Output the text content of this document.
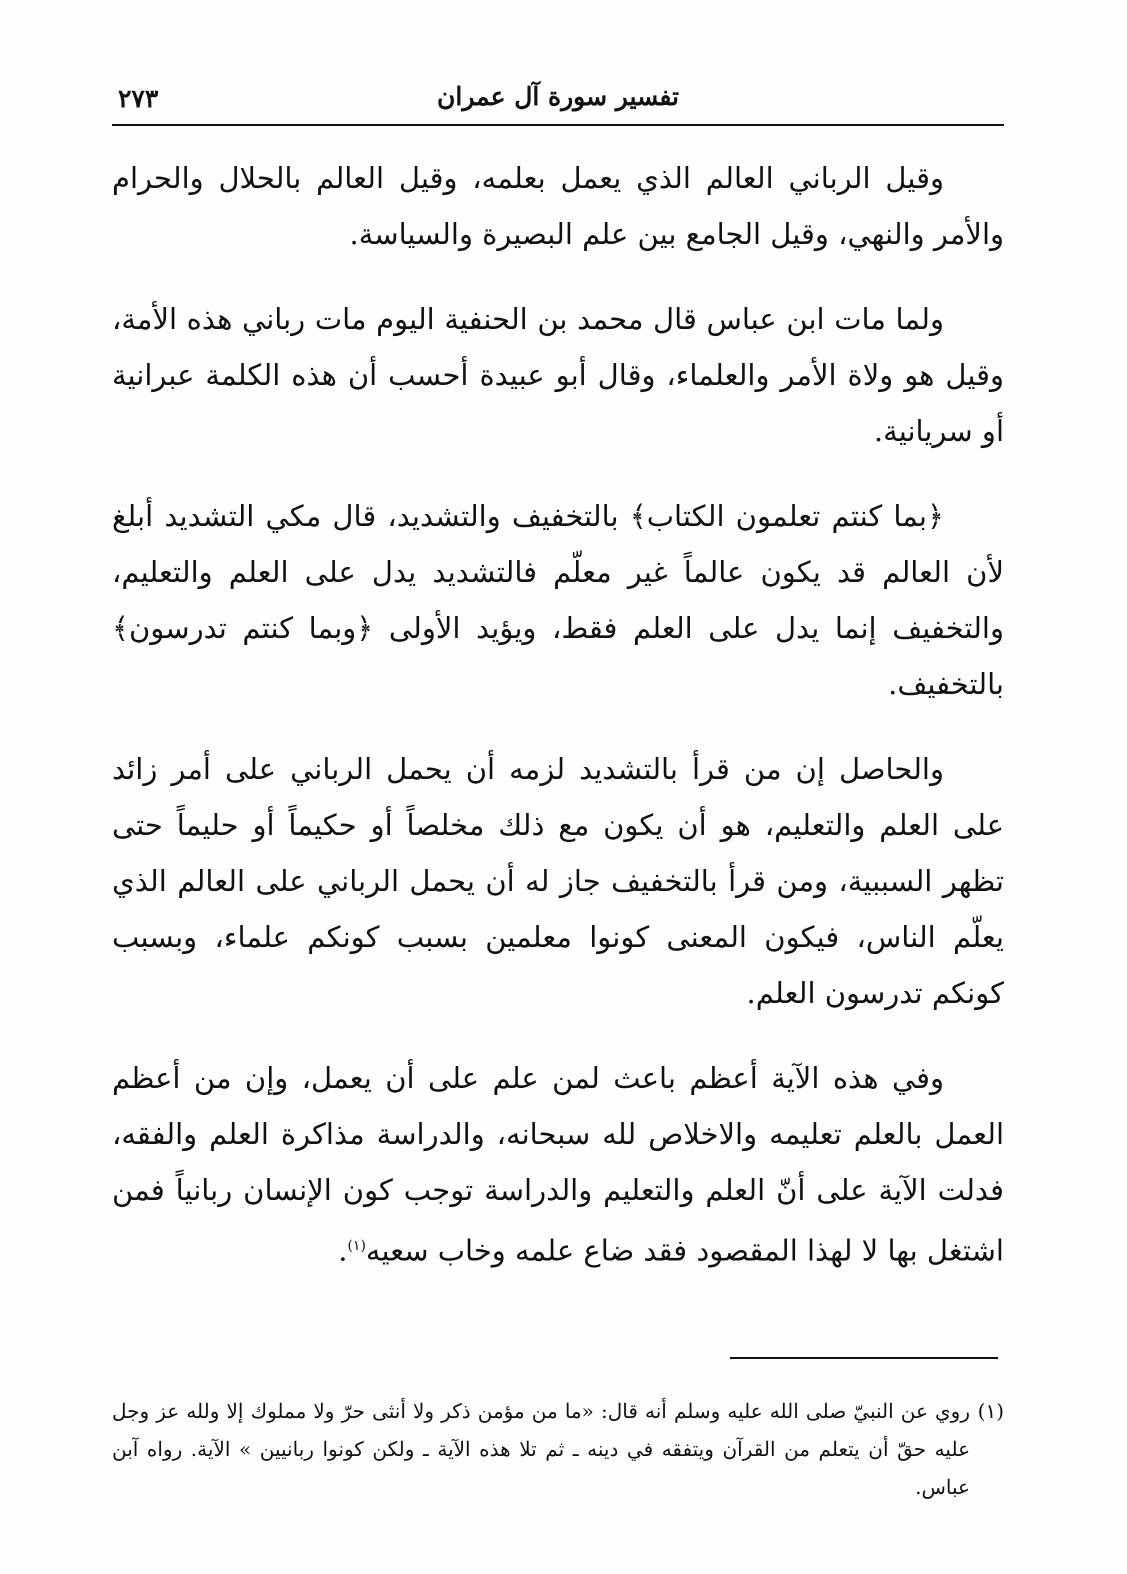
تفسير سورة آل عمران
٢٧٣

وقيل الرباني العالم الذي يعمل بعلمه، وقيل العالم بالحلال والحرام والأمر والنهي، وقيل الجامع بين علم البصيرة والسياسة.

ولما مات ابن عباس قال محمد بن الحنفية اليوم مات رباني هذه الأمة، وقيل هو ولاة الأمر والعلماء، وقال أبو عبيدة أحسب أن هذه الكلمة عبرانية أو سريانية.

﴿بما كنتم تعلمون الكتاب﴾ بالتخفيف والتشديد، قال مكي التشديد أبلغ لأن العالم قد يكون عالماً غير معلّم فالتشديد يدل على العلم والتعليم، والتخفيف إنما يدل على العلم فقط، ويؤيد الأولى ﴿وبما كنتم تدرسون﴾ بالتخفيف.

والحاصل إن من قرأ بالتشديد لزمه أن يحمل الرباني على أمر زائد على العلم والتعليم، هو أن يكون مع ذلك مخلصاً أو حكيماً أو حليماً حتى تظهر السببية، ومن قرأ بالتخفيف جاز له أن يحمل الرباني على العالم الذي يعلّم الناس، فيكون المعنى كونوا معلمين بسبب كونكم علماء، وبسبب كونكم تدرسون العلم.

وفي هذه الآية أعظم باعث لمن علم على أن يعمل، وإن من أعظم العمل بالعلم تعليمه والاخلاص لله سبحانه، والدراسة مذاكرة العلم والفقه، فدلت الآية على أنّ العلم والتعليم والدراسة توجب كون الإنسان ربانياً فمن اشتغل بها لا لهذا المقصود فقد ضاع علمه وخاب سعيه$^{(١)}$.

(١)روي عن النبيّ صلى الله عليه وسلم أنه قال: «ما من مؤمن ذكر ولا أنثى حرّ ولا مملوك إلا ولله عز وجل عليه حقّ أن يتعلم من القرآن ويتفقه في دينه ـ ثم تلا هذه الآية ـ ولكن كونوا ربانيين » الآية. رواه آبن عباس.
